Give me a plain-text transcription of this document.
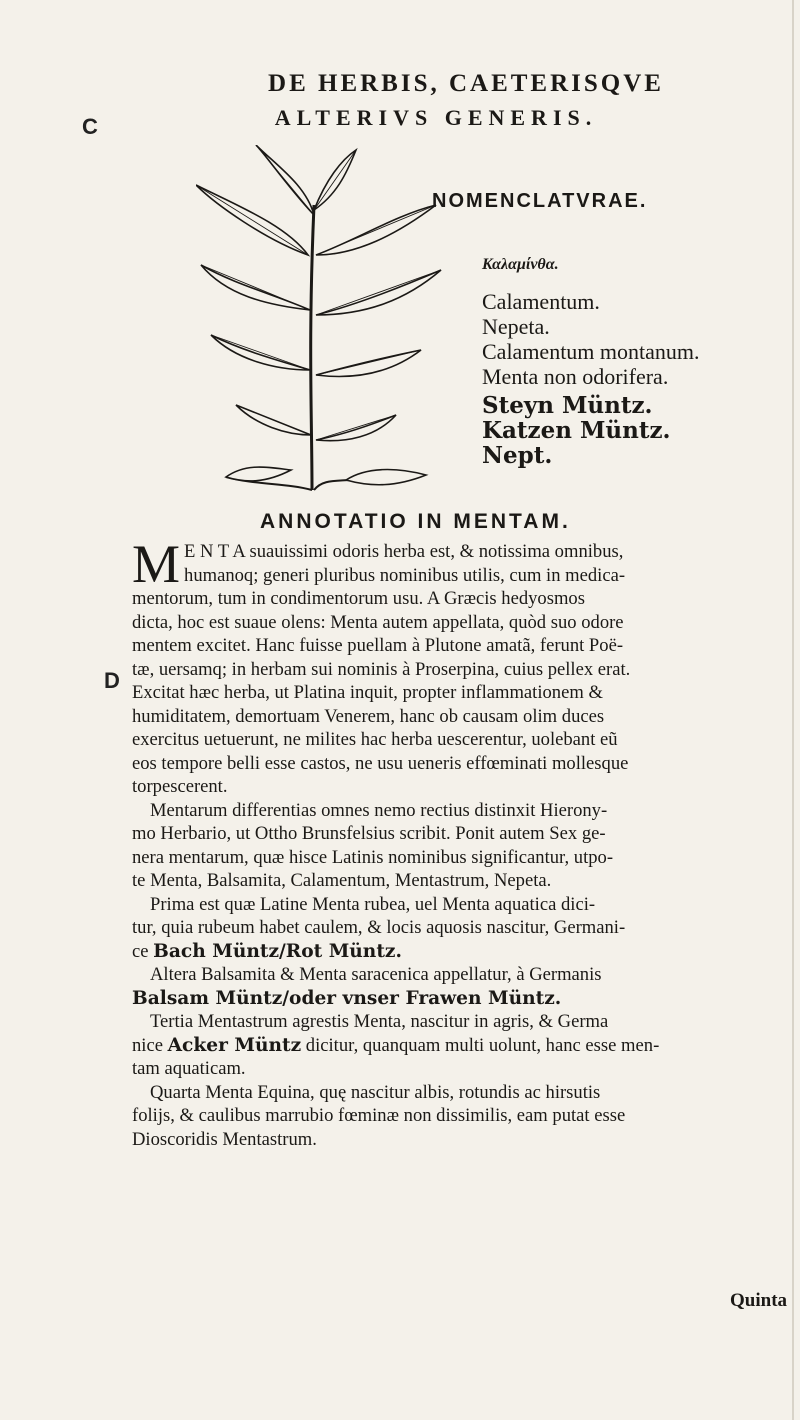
C
D
DE HERBIS, CAETERISQVE
ALTERIVS GENERIS.
NOMENCLATVRAE.
Καλαμίνθα.
Calamentum.
Nepeta.
Calamentum montanum.
Menta non odorifera.
Steyn Müntz.
Katzen Müntz.
Nept.
ANNOTATIO IN MENTAM.
M E N T A suauissimi odoris herba est, & notissima omnibus,
humanoq; generi pluribus nominibus utilis, cum in medica-
mentorum, tum in condimentorum usu. A Græcis hedyosmos
dicta, hoc est suaue olens: Menta autem appellata, quòd suo odore
mentem excitet. Hanc fuisse puellam à Plutone amatã, ferunt Poë-
tæ, uersamq; in herbam sui nominis à Proserpina, cuius pellex erat.
Excitat hæc herba, ut Platina inquit, propter inflammationem &
humiditatem, demortuam Venerem, hanc ob causam olim duces
exercitus uetuerunt, ne milites hac herba uescerentur, uolebant eũ
eos tempore belli esse castos, ne usu ueneris effœminati mollesque
torpescerent.
Mentarum differentias omnes nemo rectius distinxit Hierony-
mo Herbario, ut Ottho Brunsfelsius scribit. Ponit autem Sex ge-
nera mentarum, quæ hisce Latinis nominibus significantur, utpo-
te Menta, Balsamita, Calamentum, Mentastrum, Nepeta.
Prima est quæ Latine Menta rubea, uel Menta aquatica dici-
tur, quia rubeum habet caulem, & locis aquosis nascitur, Germani-
ce Bach Müntz/Rot Müntz.
Altera Balsamita & Menta saracenica appellatur, à Germanis
Balsam Müntz/oder vnser Frawen Müntz.
Tertia Mentastrum agrestis Menta, nascitur in agris, & Germa
nice Acker Müntz dicitur, quanquam multi uolunt, hanc esse men-
tam aquaticam.
Quarta Menta Equina, quę nascitur albis, rotundis ac hirsutis
folijs, & caulibus marrubio fœminæ non dissimilis, eam putat esse
Dioscoridis Mentastrum.
Quinta
